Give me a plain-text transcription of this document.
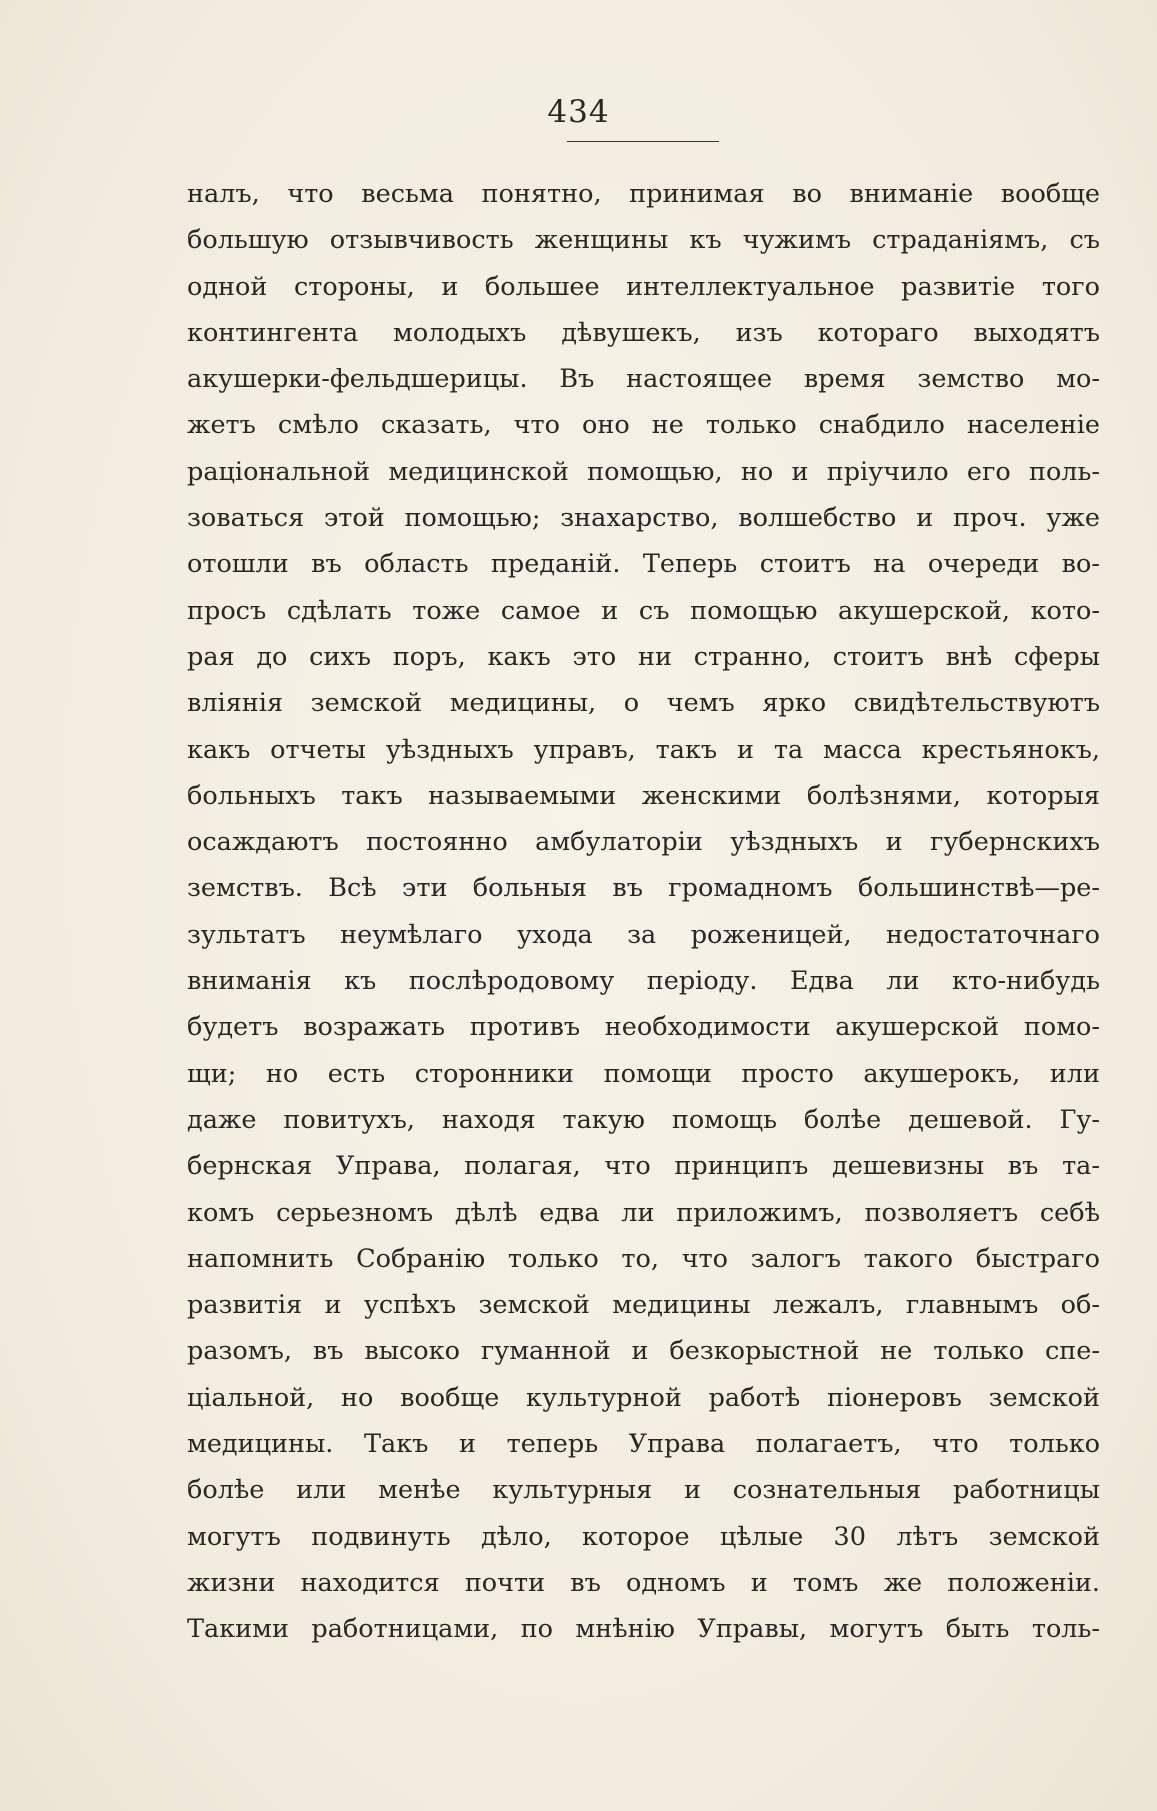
434
налъ, что весьма понятно, принимая во вниманіе вообще
большую отзывчивость женщины къ чужимъ страданіямъ, съ
одной стороны, и большее интеллектуальное развитіе того
контингента молодыхъ дѣвушекъ, изъ котораго выходятъ
акушерки-фельдшерицы. Въ настоящее время земство мо-
жетъ смѣло сказать, что оно не только снабдило населеніе
раціональной медицинской помощью, но и пріучило его поль-
зоваться этой помощью; знахарство, волшебство и проч. уже
отошли въ область преданій. Теперь стоитъ на очереди во-
просъ сдѣлать тоже самое и съ помощью акушерской, кото-
рая до сихъ поръ, какъ это ни странно, стоитъ внѣ сферы
вліянія земской медицины, о чемъ ярко свидѣтельствуютъ
какъ отчеты уѣздныхъ управъ, такъ и та масса крестьянокъ,
больныхъ такъ называемыми женскими болѣзнями, которыя
осаждаютъ постоянно амбулаторіи уѣздныхъ и губернскихъ
земствъ. Всѣ эти больныя въ громадномъ большинствѣ—ре-
зультатъ неумѣлаго ухода за роженицей, недостаточнаго
вниманія къ послѣродовому періоду. Едва ли кто-нибудь
будетъ возражать противъ необходимости акушерской помо-
щи; но есть сторонники помощи просто акушерокъ, или
даже повитухъ, находя такую помощь болѣе дешевой. Гу-
бернская Управа, полагая, что принципъ дешевизны въ та-
комъ серьезномъ дѣлѣ едва ли приложимъ, позволяетъ себѣ
напомнить Собранію только то, что залогъ такого быстраго
развитія и успѣхъ земской медицины лежалъ, главнымъ об-
разомъ, въ высоко гуманной и безкорыстной не только спе-
ціальной, но вообще культурной работѣ піонеровъ земской
медицины. Такъ и теперь Управа полагаетъ, что только
болѣе или менѣе культурныя и сознательныя работницы
могутъ подвинуть дѣло, которое цѣлые 30 лѣтъ земской
жизни находится почти въ одномъ и томъ же положеніи.
Такими работницами, по мнѣнію Управы, могутъ быть толь-
